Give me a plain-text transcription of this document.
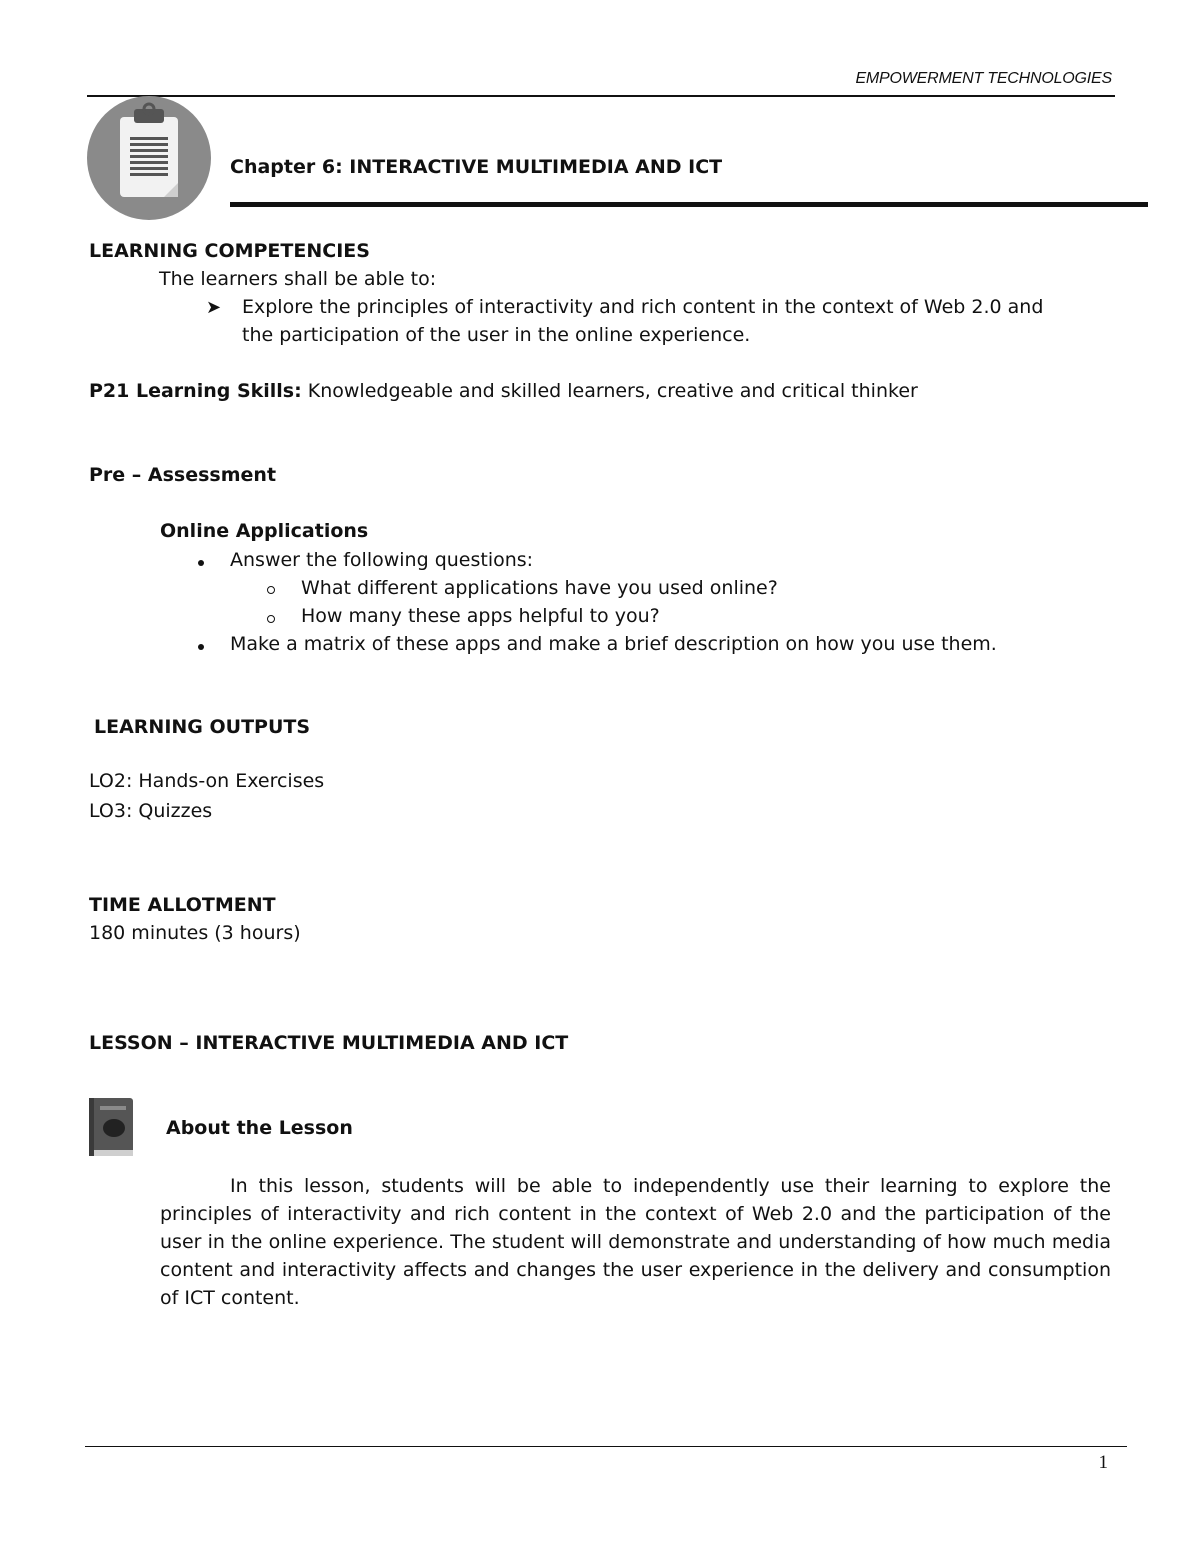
EMPOWERMENT TECHNOLOGIES
Chapter 6: INTERACTIVE MULTIMEDIA AND ICT
LEARNING COMPETENCIES
The learners shall be able to:
➤ Explore the principles of interactivity and rich content in the context of Web 2.0 and
the participation of the user in the online experience.
P21 Learning Skills: Knowledgeable and skilled learners, creative and critical thinker
Pre – Assessment
Online Applications
Answer the following questions:
What different applications have you used online?
How many these apps helpful to you?
Make a matrix of these apps and make a brief description on how you use them.
LEARNING OUTPUTS
LO2: Hands-on Exercises
LO3: Quizzes
TIME ALLOTMENT
180 minutes (3 hours)
LESSON – INTERACTIVE MULTIMEDIA AND ICT
About the Lesson
In this lesson, students will be able to independently use their learning to explore the principles of interactivity and rich content in the context of Web 2.0 and the participation of the user in the online experience. The student will demonstrate and understanding of how much media content and interactivity affects and changes the user experience in the delivery and consumption of ICT content.
1
